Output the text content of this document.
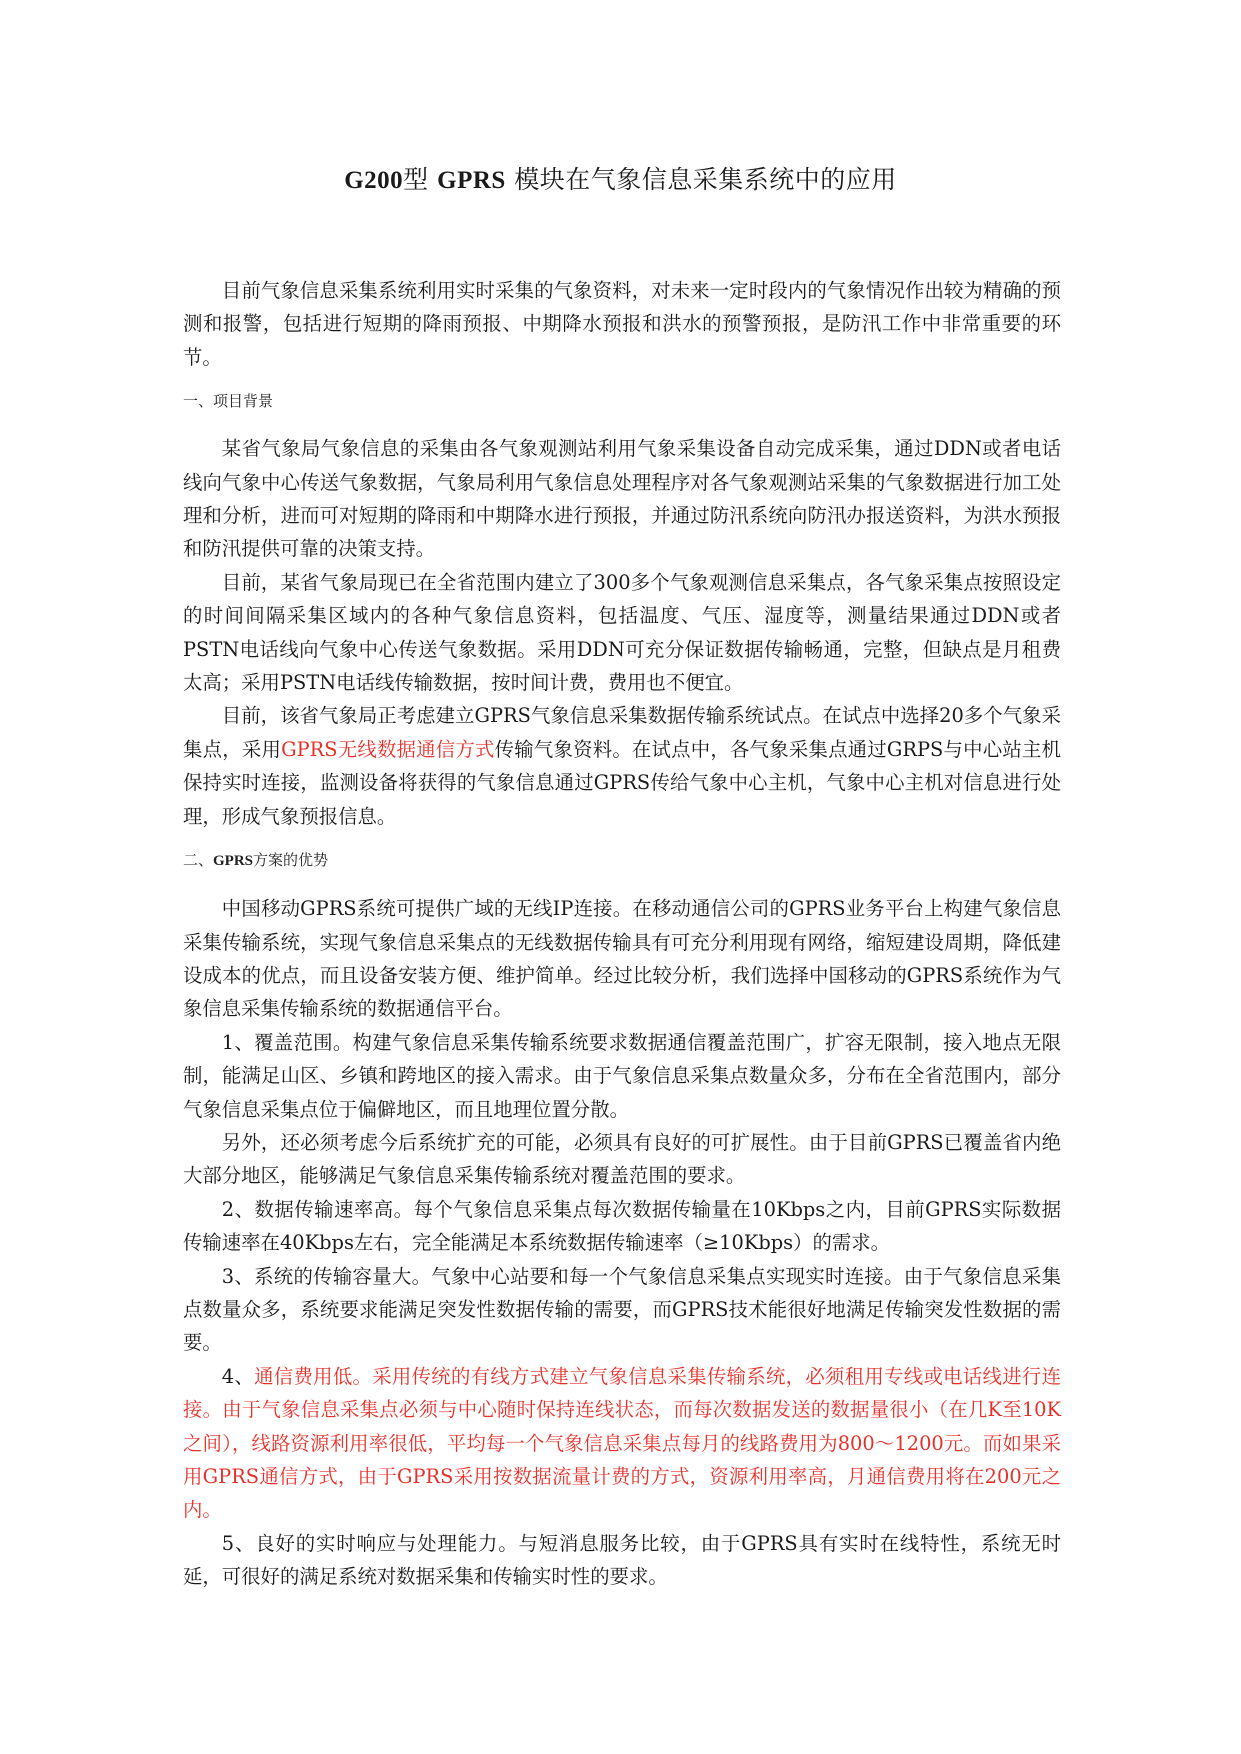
G200型 GPRS 模块在气象信息采集系统中的应用

目前气象信息采集系统利用实时采集的气象资料，对未来一定时段内的气象情况作出较为精确的预测和报警，包括进行短期的降雨预报、中期降水预报和洪水的预警预报，是防汛工作中非常重要的环节。

一、项目背景

某省气象局气象信息的采集由各气象观测站利用气象采集设备自动完成采集，通过DDN或者电话线向气象中心传送气象数据，气象局利用气象信息处理程序对各气象观测站采集的气象数据进行加工处理和分析，进而可对短期的降雨和中期降水进行预报，并通过防汛系统向防汛办报送资料，为洪水预报和防汛提供可靠的决策支持。

目前，某省气象局现已在全省范围内建立了300多个气象观测信息采集点，各气象采集点按照设定的时间间隔采集区域内的各种气象信息资料，包括温度、气压、湿度等，测量结果通过DDN或者PSTN电话线向气象中心传送气象数据。采用DDN可充分保证数据传输畅通，完整，但缺点是月租费太高；采用PSTN电话线传输数据，按时间计费，费用也不便宜。

目前，该省气象局正考虑建立GPRS气象信息采集数据传输系统试点。在试点中选择20多个气象采集点，采用GPRS无线数据通信方式传输气象资料。在试点中，各气象采集点通过GRPS与中心站主机保持实时连接，监测设备将获得的气象信息通过GPRS传给气象中心主机，气象中心主机对信息进行处理，形成气象预报信息。

二、GPRS方案的优势

中国移动GPRS系统可提供广域的无线IP连接。在移动通信公司的GPRS业务平台上构建气象信息采集传输系统，实现气象信息采集点的无线数据传输具有可充分利用现有网络，缩短建设周期，降低建设成本的优点，而且设备安装方便、维护简单。经过比较分析，我们选择中国移动的GPRS系统作为气象信息采集传输系统的数据通信平台。

1、覆盖范围。构建气象信息采集传输系统要求数据通信覆盖范围广，扩容无限制，接入地点无限制，能满足山区、乡镇和跨地区的接入需求。由于气象信息采集点数量众多，分布在全省范围内，部分气象信息采集点位于偏僻地区，而且地理位置分散。

另外，还必须考虑今后系统扩充的可能，必须具有良好的可扩展性。由于目前GPRS已覆盖省内绝大部分地区，能够满足气象信息采集传输系统对覆盖范围的要求。

2、数据传输速率高。每个气象信息采集点每次数据传输量在10Kbps之内，目前GPRS实际数据传输速率在40Kbps左右，完全能满足本系统数据传输速率（≥10Kbps）的需求。

3、系统的传输容量大。气象中心站要和每一个气象信息采集点实现实时连接。由于气象信息采集点数量众多，系统要求能满足突发性数据传输的需要，而GPRS技术能很好地满足传输突发性数据的需要。

4、通信费用低。采用传统的有线方式建立气象信息采集传输系统，必须租用专线或电话线进行连接。由于气象信息采集点必须与中心随时保持连线状态，而每次数据发送的数据量很小（在几K至10K之间），线路资源利用率很低，平均每一个气象信息采集点每月的线路费用为800～1200元。而如果采用GPRS通信方式，由于GPRS采用按数据流量计费的方式，资源利用率高，月通信费用将在200元之内。

5、良好的实时响应与处理能力。与短消息服务比较，由于GPRS具有实时在线特性，系统无时延，可很好的满足系统对数据采集和传输实时性的要求。
